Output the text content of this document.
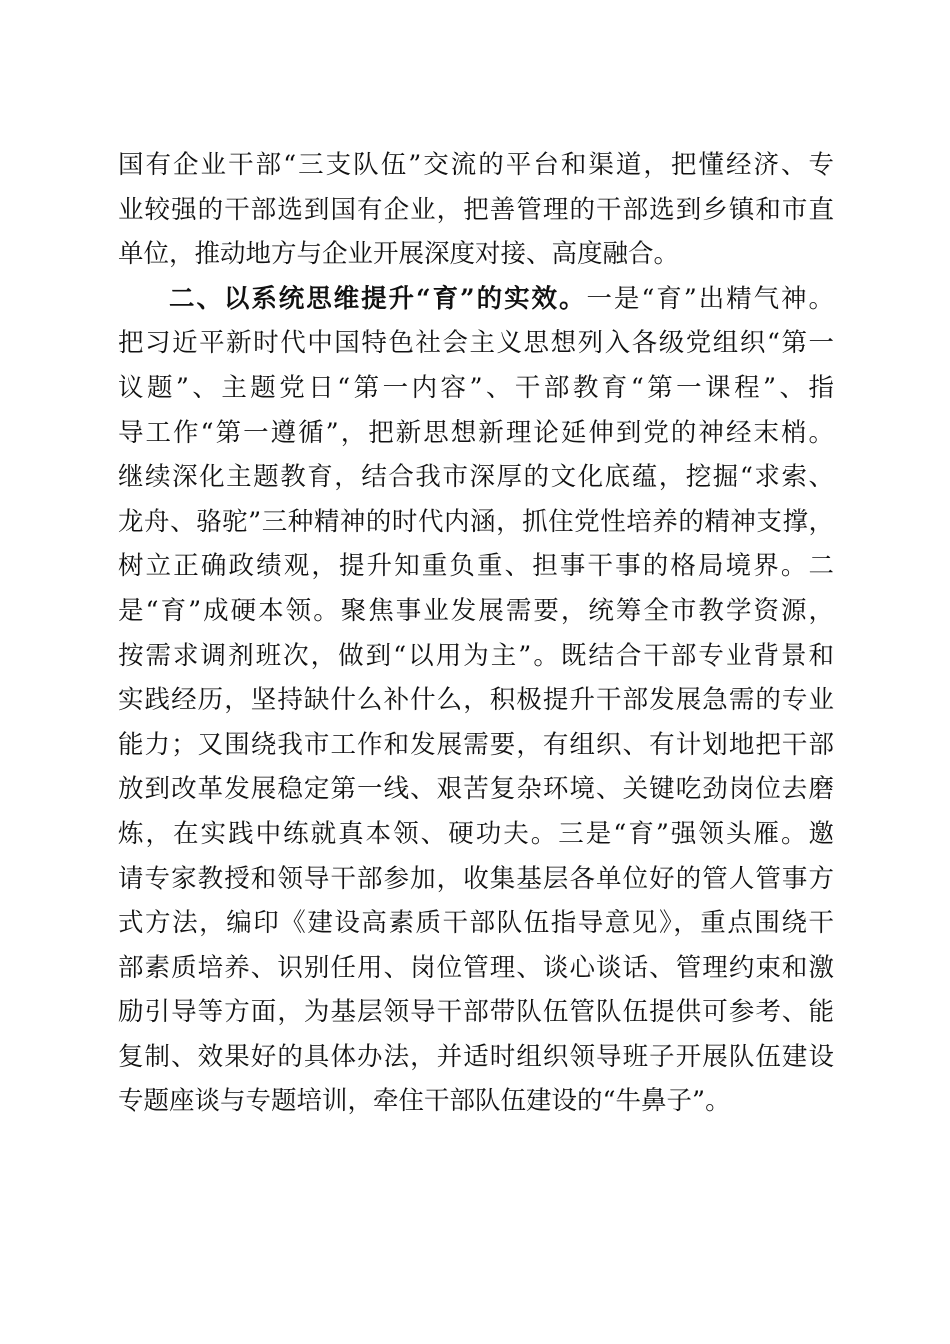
国有企业干部“三支队伍”交流的平台和渠道，把懂经济、专
业较强的干部选到国有企业，把善管理的干部选到乡镇和市直
单位，推动地方与企业开展深度对接、高度融合。
二、以系统思维提升“育”的实效。一是“育”出精气神。
把习近平新时代中国特色社会主义思想列入各级党组织“第一
议题”、主题党日“第一内容”、干部教育“第一课程”、指
导工作“第一遵循”，把新思想新理论延伸到党的神经末梢。
继续深化主题教育，结合我市深厚的文化底蕴，挖掘“求索、
龙舟、骆驼”三种精神的时代内涵，抓住党性培养的精神支撑，
树立正确政绩观，提升知重负重、担事干事的格局境界。二
是“育”成硬本领。聚焦事业发展需要，统筹全市教学资源，
按需求调剂班次，做到“以用为主”。既结合干部专业背景和
实践经历，坚持缺什么补什么，积极提升干部发展急需的专业
能力；又围绕我市工作和发展需要，有组织、有计划地把干部
放到改革发展稳定第一线、艰苦复杂环境、关键吃劲岗位去磨
炼，在实践中练就真本领、硬功夫。三是“育”强领头雁。邀
请专家教授和领导干部参加，收集基层各单位好的管人管事方
式方法，编印《建设高素质干部队伍指导意见》，重点围绕干
部素质培养、识别任用、岗位管理、谈心谈话、管理约束和激
励引导等方面，为基层领导干部带队伍管队伍提供可参考、能
复制、效果好的具体办法，并适时组织领导班子开展队伍建设
专题座谈与专题培训，牵住干部队伍建设的“牛鼻子”。
